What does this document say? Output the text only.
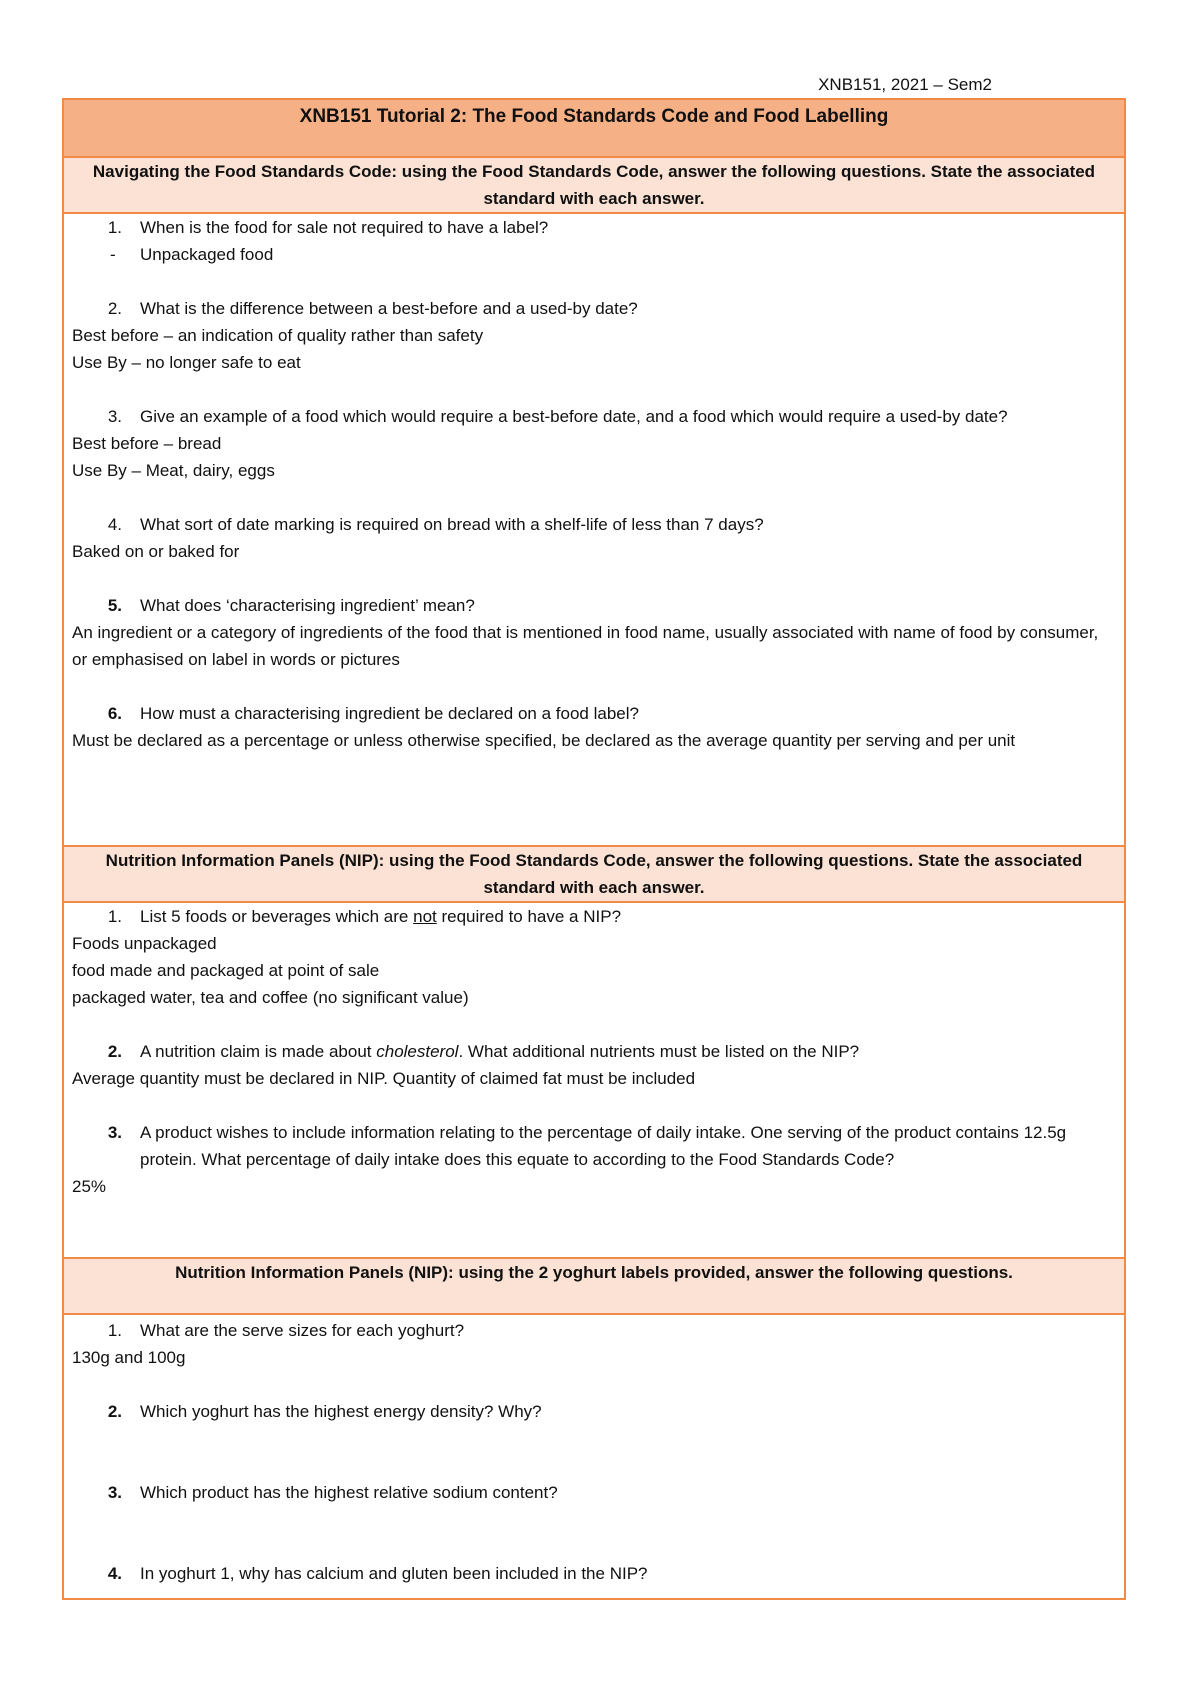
XNB151, 2021 – Sem2
XNB151 Tutorial 2: The Food Standards Code and Food Labelling
Navigating the Food Standards Code: using the Food Standards Code, answer the following questions. State the associated standard with each answer.
1.	When is the food for sale not required to have a label?
-	Unpackaged food
2.	What is the difference between a best-before and a used-by date?
Best before – an indication of quality rather than safety
Use By – no longer safe to eat
3.	Give an example of a food which would require a best-before date, and a food which would require a used-by date?
Best before – bread
Use By – Meat, dairy, eggs
4.	What sort of date marking is required on bread with a shelf-life of less than 7 days?
Baked on or baked for
5.	What does ‘characterising ingredient’ mean?
An ingredient or a category of ingredients of the food that is mentioned in food name, usually associated with name of food by consumer, or emphasised on label in words or pictures
6.	How must a characterising ingredient be declared on a food label?
Must be declared as a percentage or unless otherwise specified, be declared as the average quantity per serving and per unit
Nutrition Information Panels (NIP): using the Food Standards Code, answer the following questions. State the associated standard with each answer.
1.	List 5 foods or beverages which are not required to have a NIP?
Foods unpackaged
food made and packaged at point of sale
packaged water, tea and coffee (no significant value)
2.	A nutrition claim is made about cholesterol. What additional nutrients must be listed on the NIP?
Average quantity must be declared in NIP. Quantity of claimed fat must be included
3.	A product wishes to include information relating to the percentage of daily intake. One serving of the product contains 12.5g protein. What percentage of daily intake does this equate to according to the Food Standards Code?
25%
Nutrition Information Panels (NIP): using the 2 yoghurt labels provided, answer the following questions.
1.	What are the serve sizes for each yoghurt?
130g and 100g
2.	Which yoghurt has the highest energy density? Why?
3.	Which product has the highest relative sodium content?
4.	In yoghurt 1, why has calcium and gluten been included in the NIP?
